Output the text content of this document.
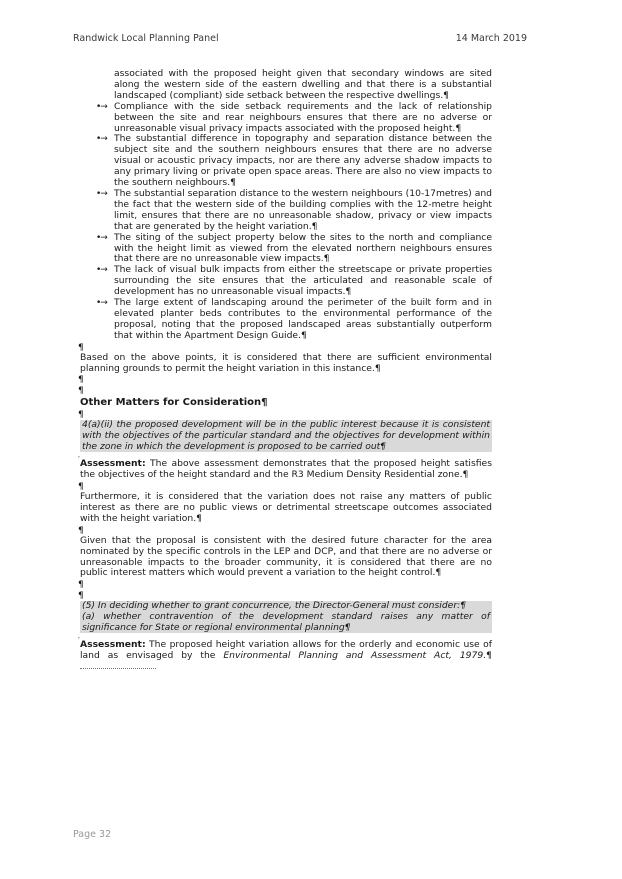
Randwick Local Planning Panel	14 March 2019

associated with the proposed height given that secondary windows are sited along the western side of the eastern dwelling and that there is a substantial landscaped (compliant) side setback between the respective dwellings.¶

•→ Compliance with the side setback requirements and the lack of relationship between the site and rear neighbours ensures that there are no adverse or unreasonable visual privacy impacts associated with the proposed height.¶
•→ The substantial difference in topography and separation distance between the subject site and the southern neighbours ensures that there are no adverse visual or acoustic privacy impacts, nor are there any adverse shadow impacts to any primary living or private open space areas. There are also no view impacts to the southern neighbours.¶
•→ The substantial separation distance to the western neighbours (10-17metres) and the fact that the western side of the building complies with the 12-metre height limit, ensures that there are no unreasonable shadow, privacy or view impacts that are generated by the height variation.¶
•→ The siting of the subject property below the sites to the north and compliance with the height limit as viewed from the elevated northern neighbours ensures that there are no unreasonable view impacts.¶
•→ The lack of visual bulk impacts from either the streetscape or private properties surrounding the site ensures that the articulated and reasonable scale of development has no unreasonable visual impacts.¶
•→ The large extent of landscaping around the perimeter of the built form and in elevated planter beds contributes to the environmental performance of the proposal, noting that the proposed landscaped areas substantially outperform that within the Apartment Design Guide.¶
¶

Based on the above points, it is considered that there are sufficient environmental planning grounds to permit the height variation in this instance.¶

¶
¶

Other Matters for Consideration¶

¶

4(a)(ii) the proposed development will be in the public interest because it is consistent with the objectives of the particular standard and the objectives for development within the zone in which the development is proposed to be carried out¶

,

Assessment: The above assessment demonstrates that the proposed height satisfies the objectives of the height standard and the R3 Medium Density Residential zone.¶

¶

Furthermore, it is considered that the variation does not raise any matters of public interest as there are no public views or detrimental streetscape outcomes associated with the height variation.¶

¶

Given that the proposal is consistent with the desired future character for the area nominated by the specific controls in the LEP and DCP, and that there are no adverse or unreasonable impacts to the broader community, it is considered that there are no public interest matters which would prevent a variation to the height control.¶

¶
¶
(5) In deciding whether to grant concurrence, the Director-General must consider:¶
(a) whether contravention of the development standard raises any matter of significance for State or regional environmental planning¶
,

Assessment: The proposed height variation allows for the orderly and economic use of land as envisaged by the Environmental Planning and Assessment Act, 1979.¶

Page 32
